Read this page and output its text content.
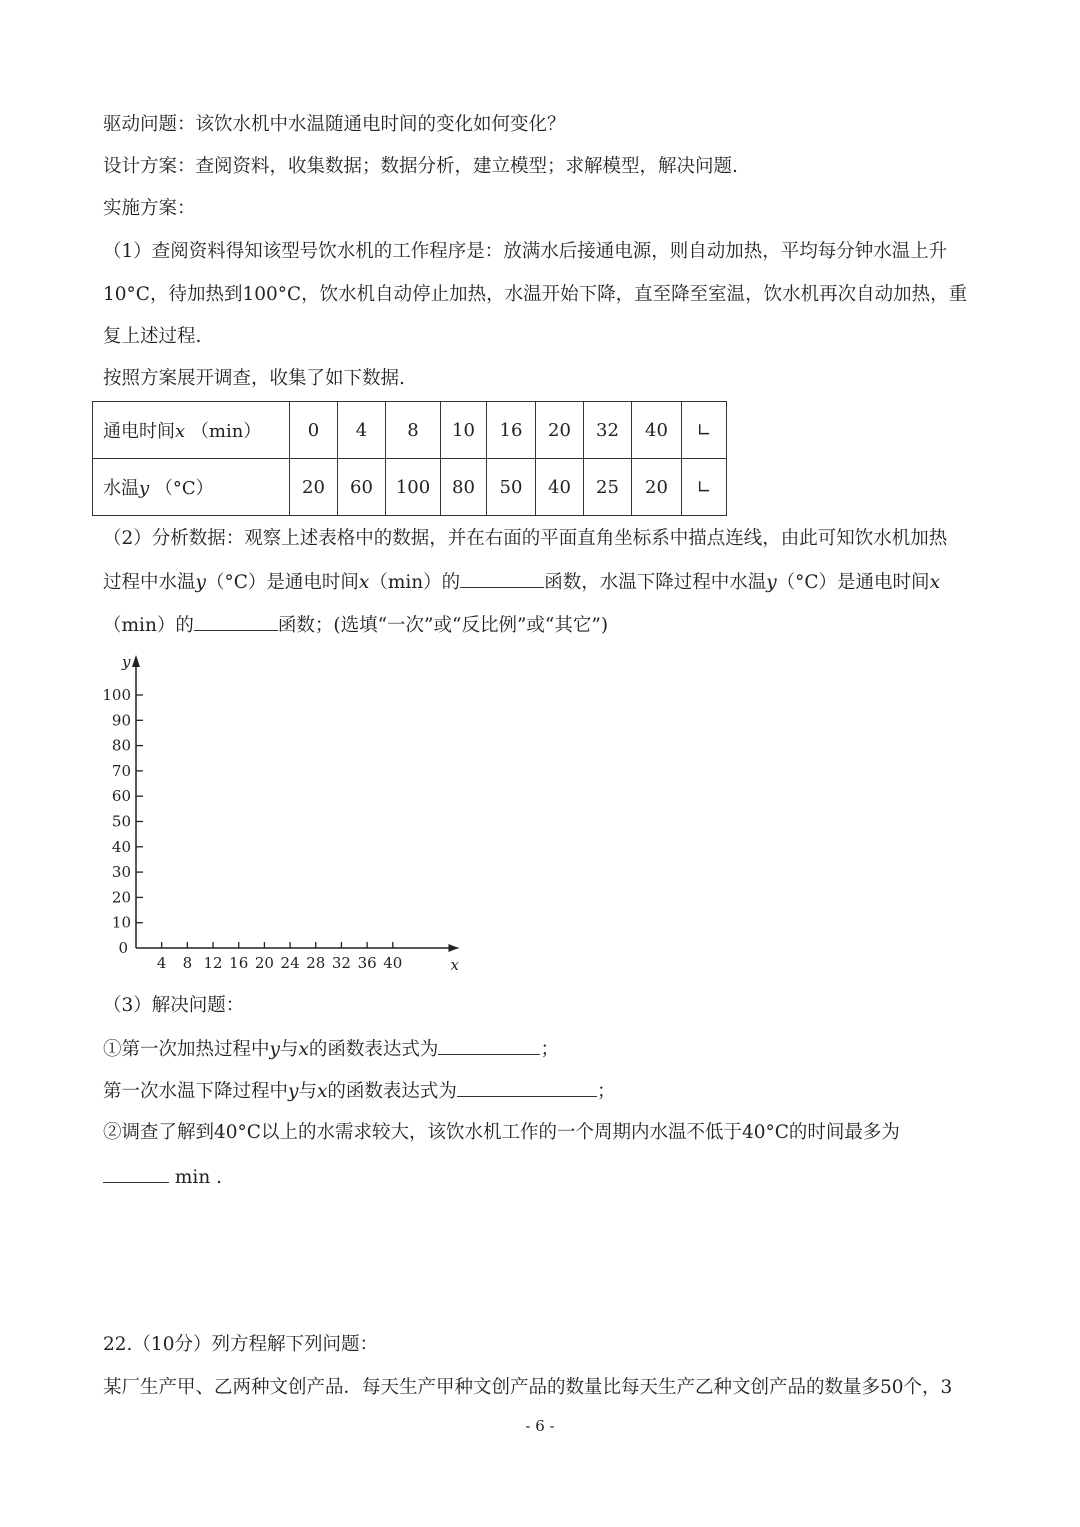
驱动问题：该饮水机中水温随通电时间的变化如何变化？
设计方案：查阅资料，收集数据；数据分析，建立模型；求解模型，解决问题.
实施方案：
（1）查阅资料得知该型号饮水机的工作程序是：放满水后接通电源，则自动加热，平均每分钟水温上升
10°C，待加热到100°C，饮水机自动停止加热，水温开始下降，直至降至室温，饮水机再次自动加热，重
复上述过程.
按照方案展开调查，收集了如下数据.
通电时间x （min）	0	4	8	10	16	20	32	40	∟
水温y （°C）	20	60	100	80	50	40	25	20	∟
（2）分析数据：观察上述表格中的数据，并在右面的平面直角坐标系中描点连线，由此可知饮水机加热
过程中水温y（°C）是通电时间x（min）的	函数，水温下降过程中水温y（°C）是通电时间x
（min）的	函数；(选填“一次”或“反比例”或“其它”)
10
20
30
40
50
60
70
80
90
100
4 8 12 16 20 24 28 32 36 40
0
x
y
（3）解决问题：
①第一次加热过程中y与x的函数表达式为	；
第一次水温下降过程中y与x的函数表达式为	；
②调查了解到40°C以上的水需求较大，该饮水机工作的一个周期内水温不低于40°C的时间最多为
min .
22.（10分）列方程解下列问题：
某厂生产甲、乙两种文创产品．每天生产甲种文创产品的数量比每天生产乙种文创产品的数量多50个，3
- 6 -
